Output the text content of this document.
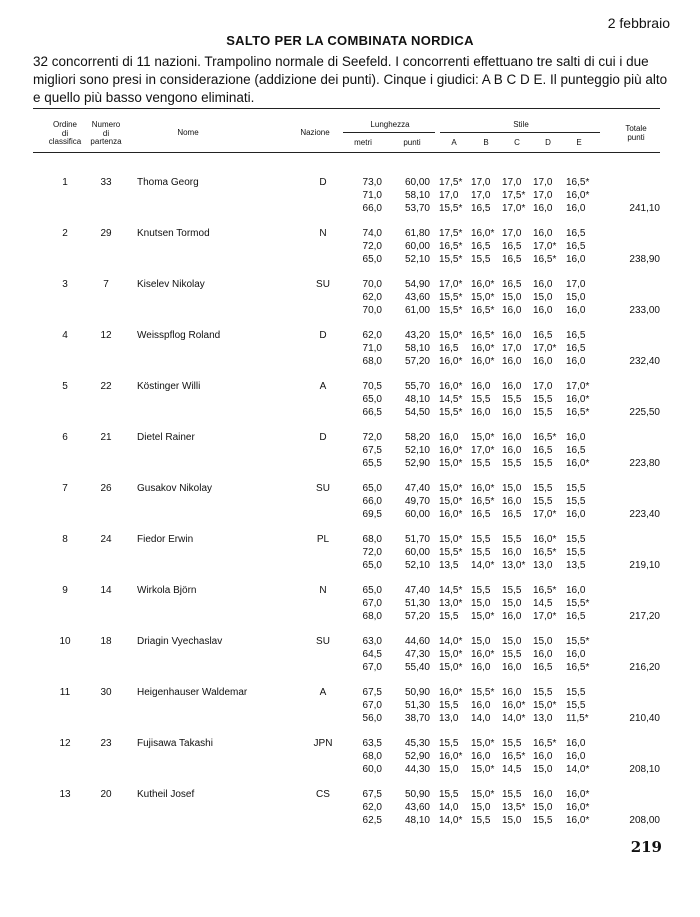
2 febbraio
SALTO PER LA COMBINATA NORDICA
32 concorrenti di 11 nazioni. Trampolino normale di Seefeld. I concorrenti effettuano tre salti di cui i due migliori sono presi in considerazione (addizione dei punti). Cinque i giudici: A B C D E. Il punteggio più alto e quello più basso vengono eliminati.
Ordine
di
classifica
Numero
di
partenza
Nome	Nazione
Lunghezza
metri	punti
Stile
A	B	C	D	E
Totale
punti
1	33	Thoma Georg	D	73,0	60,00 17,5* 17,0 17,0 17,0 16,5*
71,0	58,10 17,0 17,0 17,5* 17,0 16,0*
66,0	53,70 15,5* 16,5 17,0* 16,0 16,0	241,10
2	29	Knutsen Tormod	N	74,0	61,80 17,5* 16,0* 17,0 16,0 16,5
72,0	60,00 16,5* 16,5 16,5 17,0* 16,5
65,0	52,10 15,5* 15,5 16,5 16,5* 16,0	238,90
3	7	Kiselev Nikolay	SU	70,0	54,90 17,0* 16,0* 16,5 16,0 17,0
62,0	43,60 15,5* 15,0* 15,0 15,0 15,0
70,0	61,00 15,5* 16,5* 16,0 16,0 16,0	233,00
4	12	Weisspflog Roland	D	62,0	43,20 15,0* 16,5* 16,0 16,5 16,5
71,0	58,10 16,5 16,0* 17,0 17,0* 16,5
68,0	57,20 16,0* 16,0* 16,0 16,0 16,0	232,40
5	22	Köstinger Willi	A	70,5	55,70 16,0* 16,0 16,0 17,0 17,0*
65,0	48,10 14,5* 15,5 15,5 15,5 16,0*
66,5	54,50 15,5* 16,0 16,0 15,5 16,5*	225,50
6	21	Dietel Rainer	D	72,0	58,20 16,0 15,0* 16,0 16,5* 16,0
67,5	52,10 16,0* 17,0* 16,0 16,5 16,5
65,5	52,90 15,0* 15,5 15,5 15,5 16,0*	223,80
7	26	Gusakov Nikolay	SU	65,0	47,40 15,0* 16,0* 15,0 15,5 15,5
66,0	49,70 15,0* 16,5* 16,0 15,5 15,5
69,5	60,00 16,0* 16,5 16,5 17,0* 16,0	223,40
8	24	Fiedor Erwin	PL	68,0	51,70 15,0* 15,5 15,5 16,0* 15,5
72,0	60,00 15,5* 15,5 16,0 16,5* 15,5
65,0	52,10 13,5 14,0* 13,0* 13,0 13,5	219,10
9	14	Wirkola Björn	N	65,0	47,40 14,5* 15,5 15,5 16,5* 16,0
67,0	51,30 13,0* 15,0 15,0 14,5 15,5*
68,0	57,20 15,5 15,0* 16,0 17,0* 16,5	217,20
10	18	Driagin Vyechaslav	SU	63,0	44,60 14,0* 15,0 15,0 15,0 15,5*
64,5	47,30 15,0* 16,0* 15,5 16,0 16,0
67,0	55,40 15,0* 16,0 16,0 16,5 16,5*	216,20
11	30	Heigenhauser Waldemar	A	67,5	50,90 16,0* 15,5* 16,0 15,5 15,5
67,0	51,30 15,5 16,0 16,0* 15,0* 15,5
56,0	38,70 13,0 14,0 14,0* 13,0 11,5*	210,40
12	23	Fujisawa Takashi	JPN	63,5	45,30 15,5 15,0* 15,5 16,5* 16,0
68,0	52,90 16,0* 16,0 16,5* 16,0 16,0
60,0	44,30 15,0 15,0* 14,5 15,0 14,0*	208,10
13	20	Kutheil Josef	CS	67,5	50,90 15,5 15,0* 15,5 16,0 16,0*
62,0	43,60 14,0 15,0 13,5* 15,0 16,0*
62,5	48,10 14,0* 15,5 15,0 15,5 16,0*	208,00
219
